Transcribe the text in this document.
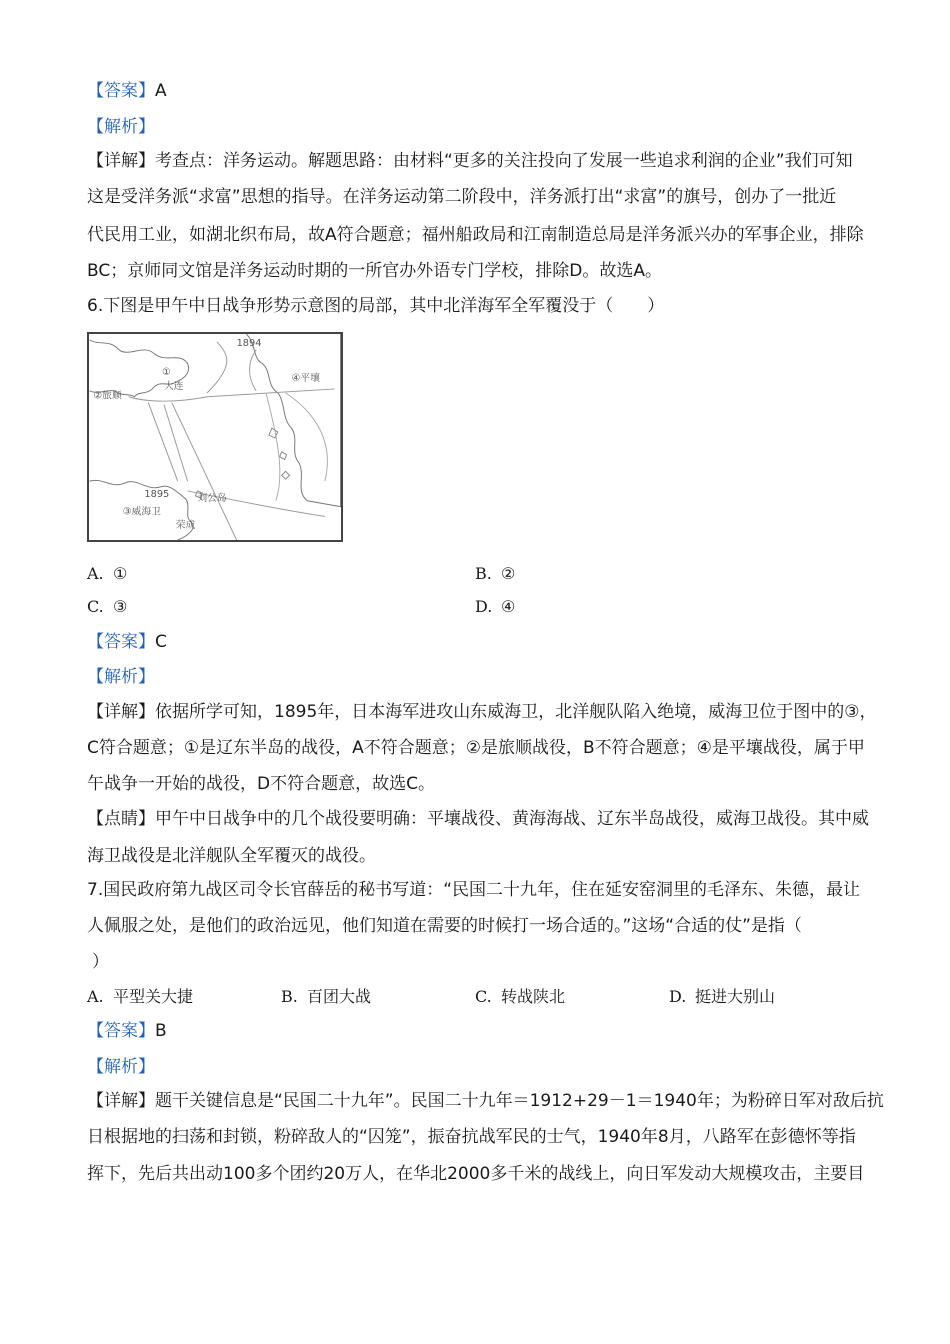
【答案】A
【解析】
【详解】考查点：洋务运动。解题思路：由材料“更多的关注投向了发展一些追求利润的企业”我们可知
这是受洋务派“求富”思想的指导。在洋务运动第二阶段中，洋务派打出“求富”的旗号，创办了一批近
代民用工业，如湖北织布局，故A符合题意；福州船政局和江南制造总局是洋务派兴办的军事企业，排除
BC；京师同文馆是洋务运动时期的一所官办外语专门学校，排除D。故选A。
6.下图是甲午中日战争形势示意图的局部，其中北洋海军全军覆没于（　　）
1894
①
大连
②旅顺
④平壤
1895	刘公岛
③威海卫
荣成
A. ①	B. ②
C. ③	D. ④
【答案】C
【解析】
【详解】依据所学可知，1895年，日本海军进攻山东威海卫，北洋舰队陷入绝境，威海卫位于图中的③，
C符合题意；①是辽东半岛的战役，A不符合题意；②是旅顺战役，B不符合题意；④是平壤战役，属于甲
午战争一开始的战役，D不符合题意，故选C。
【点睛】甲午中日战争中的几个战役要明确：平壤战役、黄海海战、辽东半岛战役，威海卫战役。其中威
海卫战役是北洋舰队全军覆灭的战役。
7.国民政府第九战区司令长官薛岳的秘书写道：“民国二十九年，住在延安窑洞里的毛泽东、朱德，最让
人佩服之处，是他们的政治远见，他们知道在需要的时候打一场合适的。”这场“合适的仗”是指（
）
A. 平型关大捷	B. 百团大战	C. 转战陕北	D. 挺进大别山
【答案】B
【解析】
【详解】题干关键信息是“民国二十九年”。民国二十九年＝1912+29－1＝1940年；为粉碎日军对敌后抗
日根据地的扫荡和封锁，粉碎敌人的“囚笼”，振奋抗战军民的士气，1940年8月，八路军在彭德怀等指
挥下，先后共出动100多个团约20万人，在华北2000多千米的战线上，向日军发动大规模攻击，主要目
